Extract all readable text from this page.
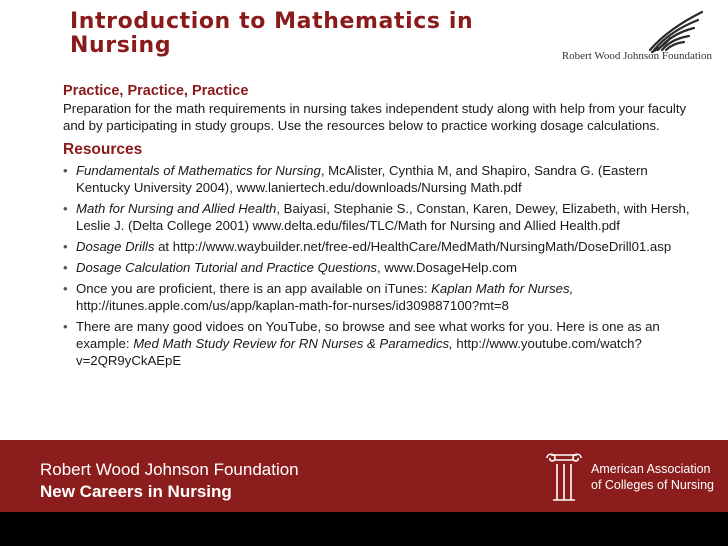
Introduction to Mathematics in Nursing	Robert Wood Johnson Foundation
Practice, Practice, Practice

Preparation for the math requirements in nursing takes independent study along with help from your faculty and by participating in study groups. Use the resources below to practice working dosage calculations.

Resources
• Fundamentals of Mathematics for Nursing, McAlister, Cynthia M, and Shapiro, Sandra G. (Eastern Kentucky University 2004), www.laniertech.edu/downloads/Nursing Math.pdf
• Math for Nursing and Allied Health, Baiyasi, Stephanie S., Constan, Karen, Dewey, Elizabeth, with Hersh, Leslie J. (Delta College 2001) www.delta.edu/files/TLC/Math for Nursing and Allied Health.pdf
• Dosage Drills at http://www.waybuilder.net/free-ed/HealthCare/MedMath/NursingMath/DoseDrill01.asp
• Dosage Calculation Tutorial and Practice Questions, www.DosageHelp.com
• Once you are proficient, there is an app available on iTunes: Kaplan Math for Nurses, http://itunes.apple.com/us/app/kaplan-math-for-nurses/id309887100?mt=8
• There are many good vidoes on YouTube, so browse and see what works for you. Here is one as an example: Med Math Study Review for RN Nurses & Paramedics, http://www.youtube.com/watch?v=2QR9yCkAEpE
Robert Wood Johnson Foundation
New Careers in Nursing
American Association
of Colleges of Nursing
